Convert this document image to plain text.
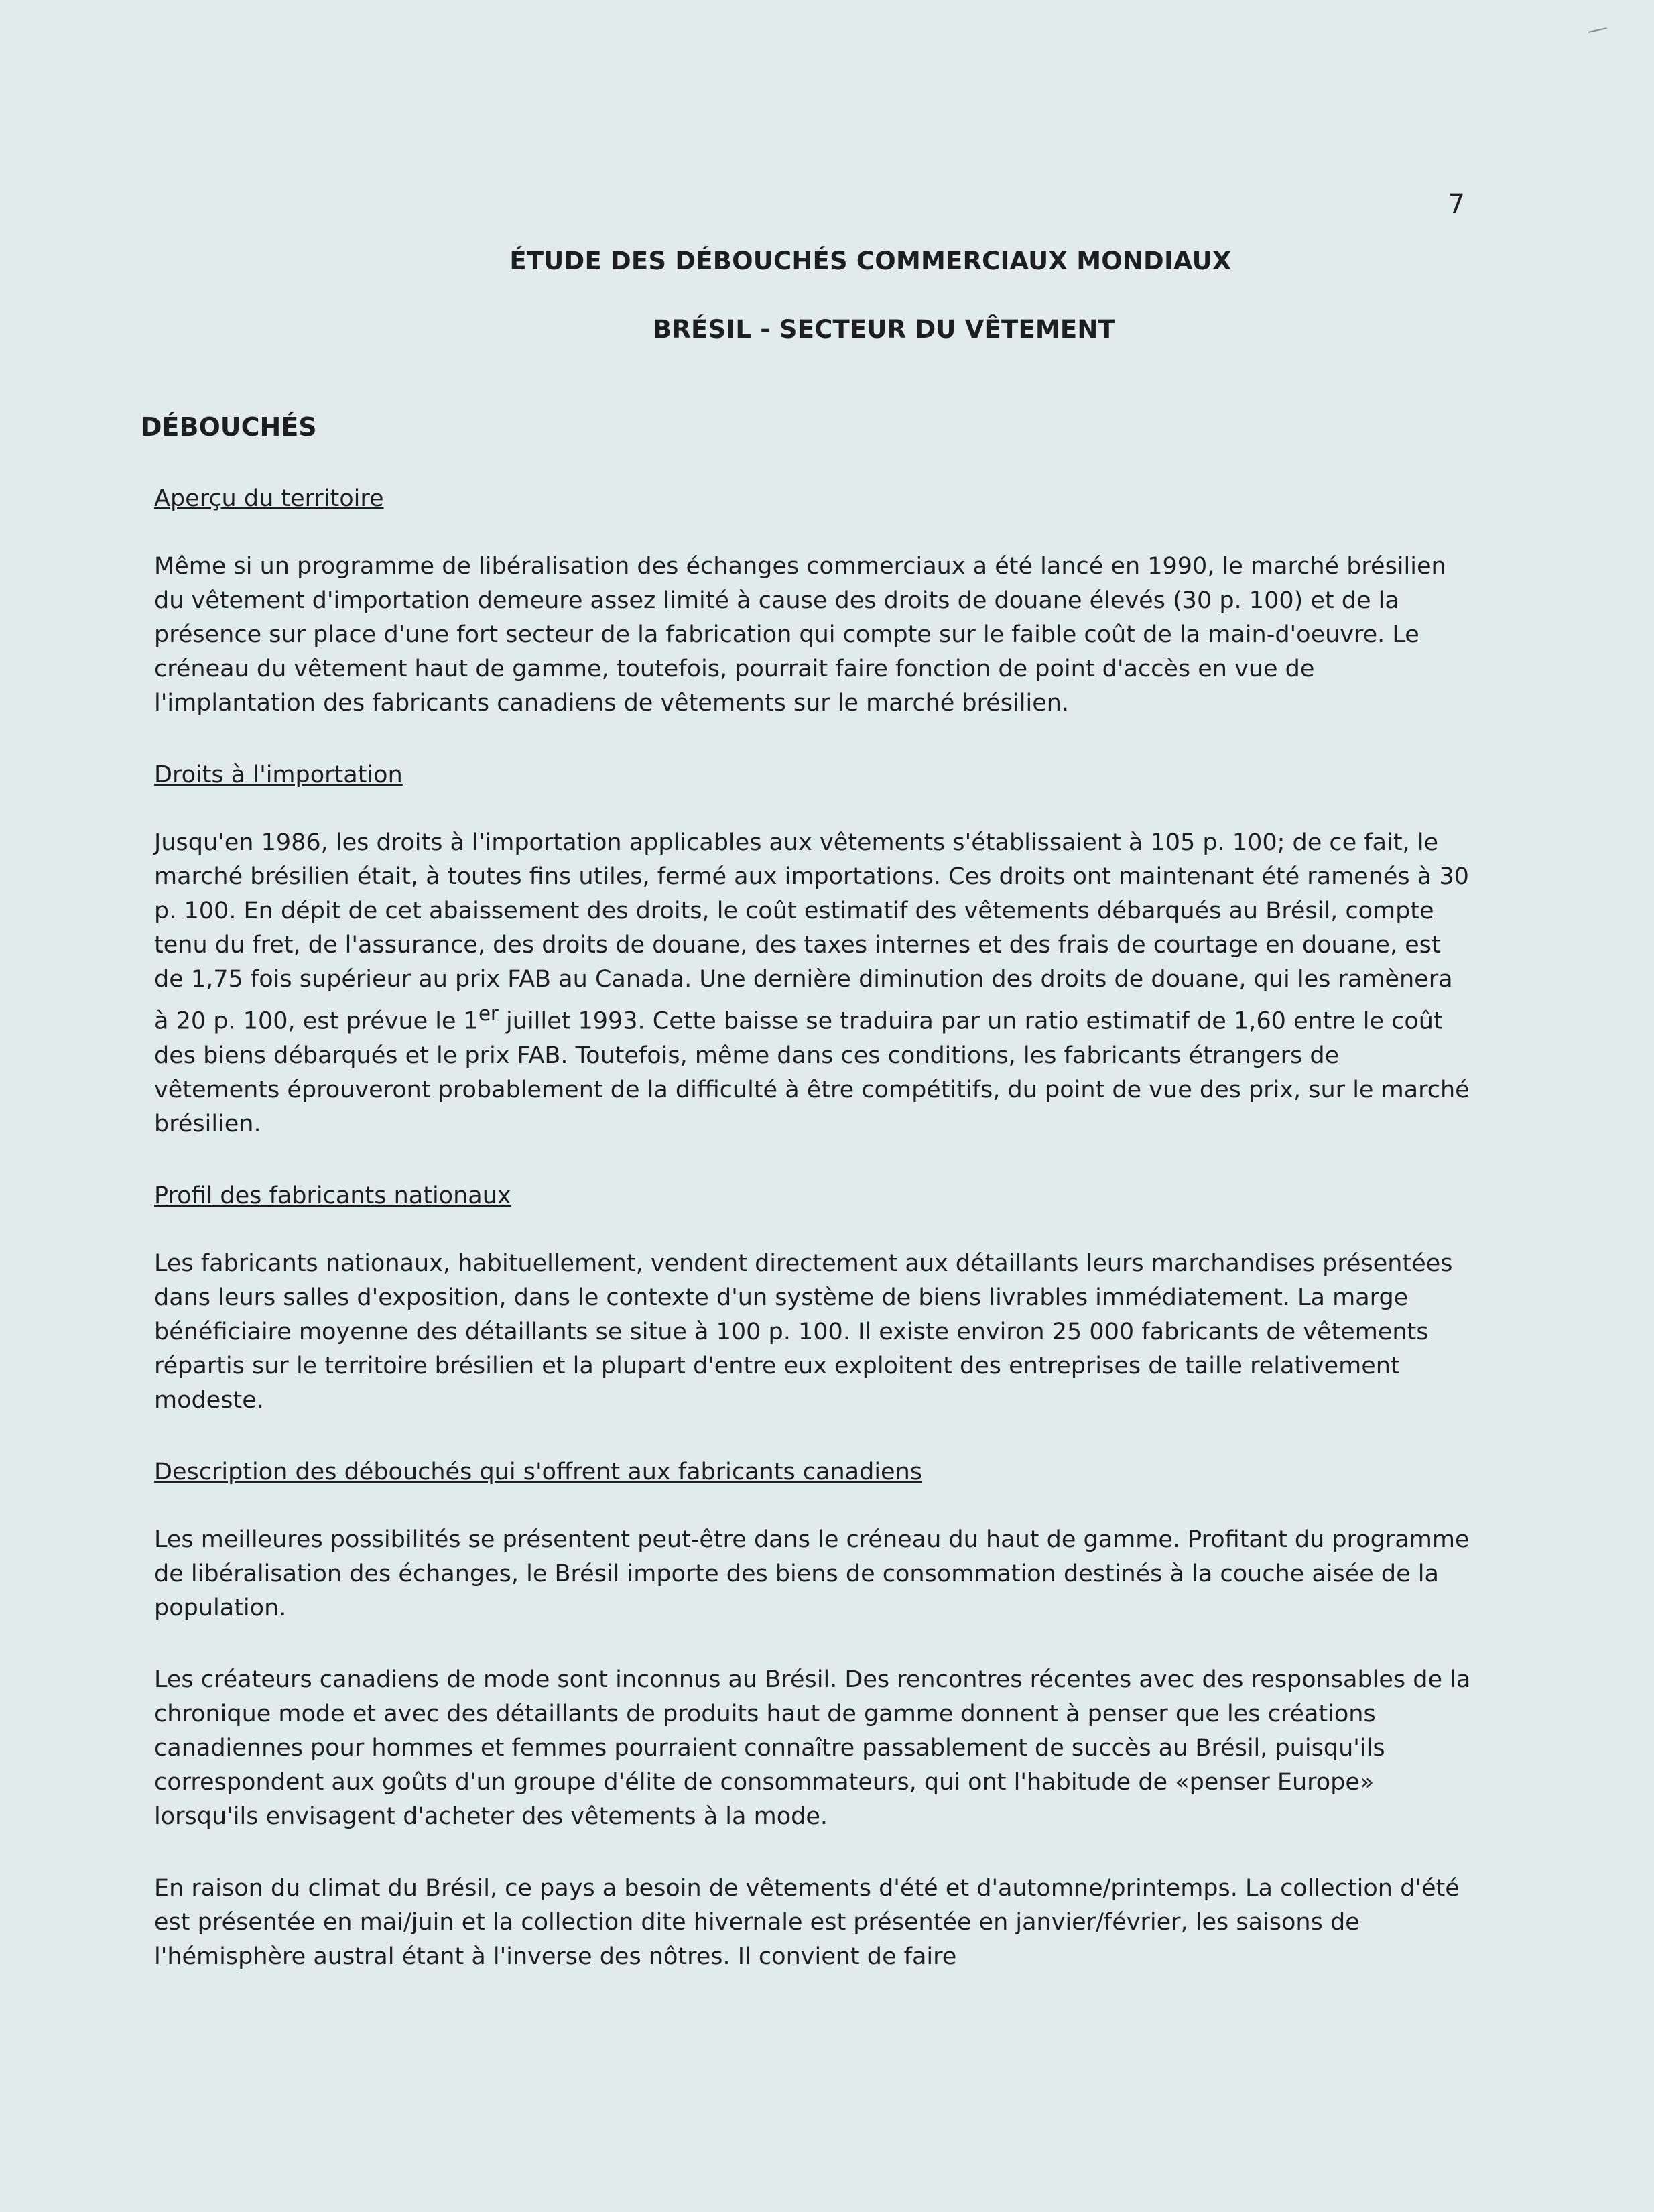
7

ÉTUDE DES DÉBOUCHÉS COMMERCIAUX MONDIAUX
BRÉSIL - SECTEUR DU VÊTEMENT
DÉBOUCHÉS

Aperçu du territoire

Même si un programme de libéralisation des échanges commerciaux a été lancé en 1990, le marché brésilien du vêtement d'importation demeure assez limité à cause des droits de douane élevés (30 p. 100) et de la présence sur place d'une fort secteur de la fabrication qui compte sur le faible coût de la main-d'oeuvre. Le créneau du vêtement haut de gamme, toutefois, pourrait faire fonction de point d'accès en vue de l'implantation des fabricants canadiens de vêtements sur le marché brésilien.

Droits à l'importation

Jusqu'en 1986, les droits à l'importation applicables aux vêtements s'établissaient à 105 p. 100; de ce fait, le marché brésilien était, à toutes fins utiles, fermé aux importations. Ces droits ont maintenant été ramenés à 30 p. 100. En dépit de cet abaissement des droits, le coût estimatif des vêtements débarqués au Brésil, compte tenu du fret, de l'assurance, des droits de douane, des taxes internes et des frais de courtage en douane, est de 1,75 fois supérieur au prix FAB au Canada. Une dernière diminution des droits de douane, qui les ramènera à 20 p. 100, est prévue le 1er juillet 1993. Cette baisse se traduira par un ratio estimatif de 1,60 entre le coût des biens débarqués et le prix FAB. Toutefois, même dans ces conditions, les fabricants étrangers de vêtements éprouveront probablement de la difficulté à être compétitifs, du point de vue des prix, sur le marché brésilien.

Profil des fabricants nationaux

Les fabricants nationaux, habituellement, vendent directement aux détaillants leurs marchandises présentées dans leurs salles d'exposition, dans le contexte d'un système de biens livrables immédiatement. La marge bénéficiaire moyenne des détaillants se situe à 100 p. 100. Il existe environ 25 000 fabricants de vêtements répartis sur le territoire brésilien et la plupart d'entre eux exploitent des entreprises de taille relativement modeste.

Description des débouchés qui s'offrent aux fabricants canadiens

Les meilleures possibilités se présentent peut-être dans le créneau du haut de gamme. Profitant du programme de libéralisation des échanges, le Brésil importe des biens de consommation destinés à la couche aisée de la population.

Les créateurs canadiens de mode sont inconnus au Brésil. Des rencontres récentes avec des responsables de la chronique mode et avec des détaillants de produits haut de gamme donnent à penser que les créations canadiennes pour hommes et femmes pourraient connaître passablement de succès au Brésil, puisqu'ils correspondent aux goûts d'un groupe d'élite de consommateurs, qui ont l'habitude de «penser Europe» lorsqu'ils envisagent d'acheter des vêtements à la mode.

En raison du climat du Brésil, ce pays a besoin de vêtements d'été et d'automne/printemps. La collection d'été est présentée en mai/juin et la collection dite hivernale est présentée en janvier/février, les saisons de l'hémisphère austral étant à l'inverse des nôtres. Il convient de faire
